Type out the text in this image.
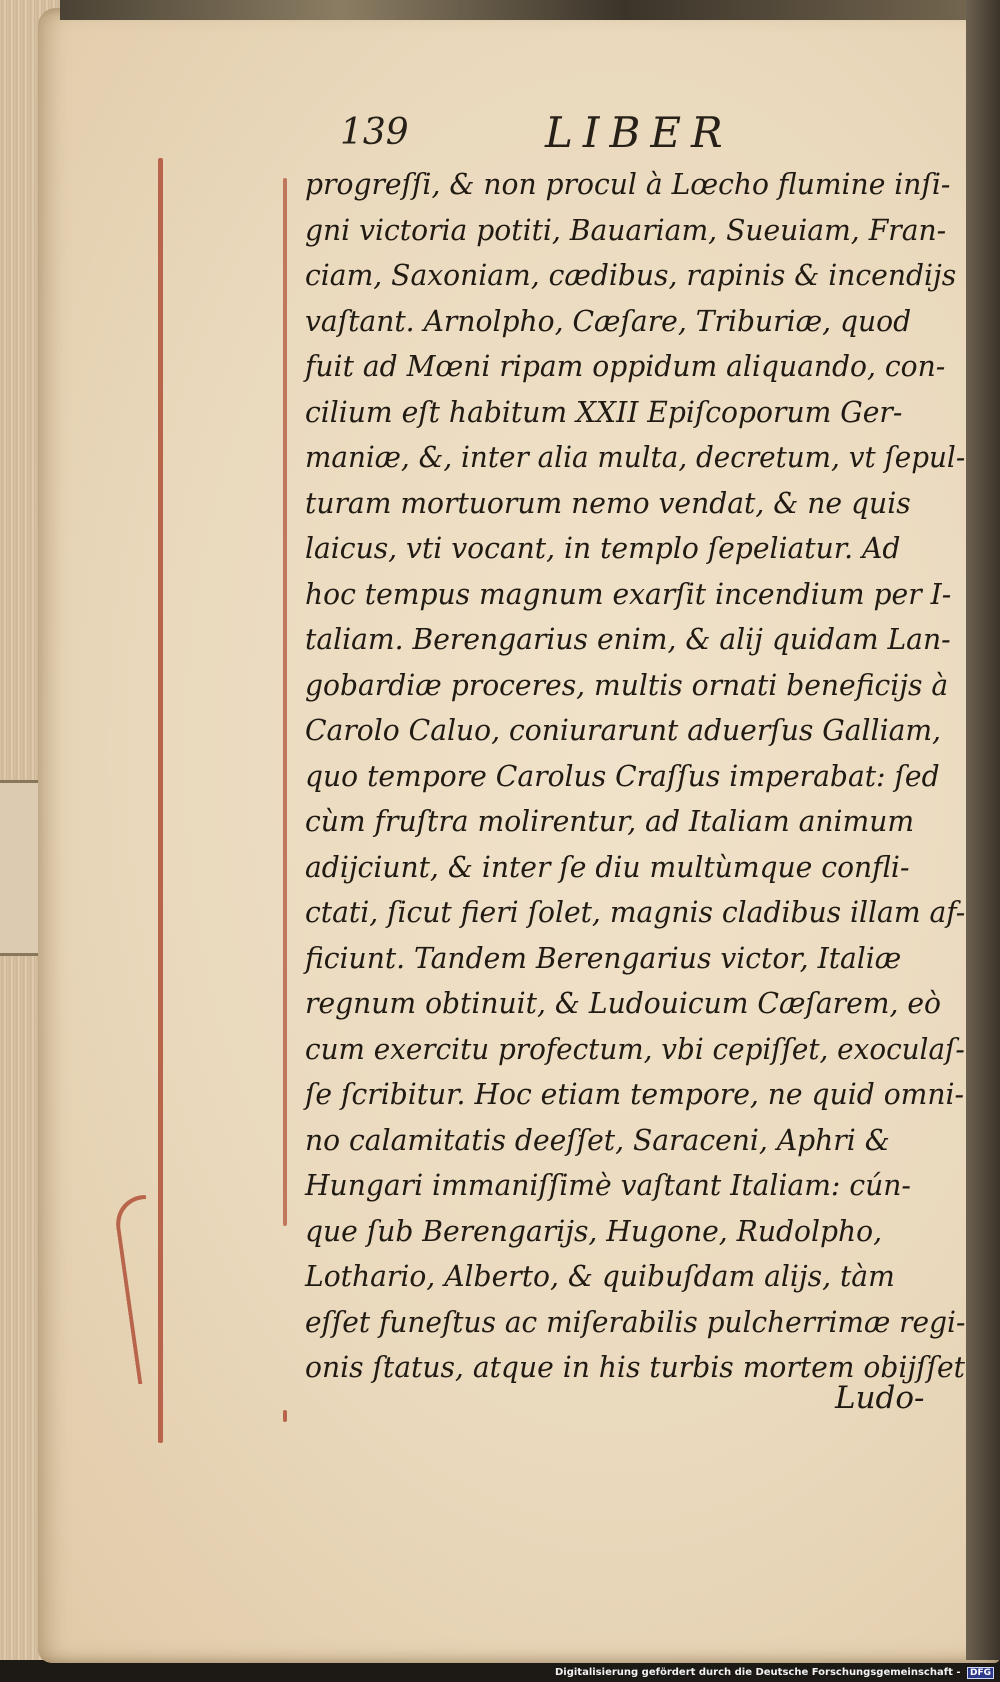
139	LIBER
progreſſi, & non procul à Lœcho flumine inſi-
gni victoria potiti, Bauariam, Sueuiam, Fran-
ciam, Saxoniam, cædibus, rapinis & incendijs
vaſtant. Arnolpho, Cæſare, Triburiæ, quod
fuit ad Mœni ripam oppidum aliquando, con-
cilium eſt habitum XXII Epiſcoporum Ger-
maniæ, &, inter alia multa, decretum, vt ſepul-
turam mortuorum nemo vendat, & ne quis
laicus, vti vocant, in templo ſepeliatur. Ad
hoc tempus magnum exarſit incendium per I-
taliam. Berengarius enim, & alij quidam Lan-
gobardiæ proceres, multis ornati beneficijs à
Carolo Caluo, coniurarunt aduerſus Galliam,
quo tempore Carolus Craſſus imperabat: ſed
cùm fruſtra molirentur, ad Italiam animum
adijciunt, & inter ſe diu multùmque confli-
ctati, ſicut fieri ſolet, magnis cladibus illam af-
ficiunt. Tandem Berengarius victor, Italiæ
regnum obtinuit, & Ludouicum Cæſarem, eò
cum exercitu profectum, vbi cepiſſet, exoculaſ-
ſe ſcribitur. Hoc etiam tempore, ne quid omni-
no calamitatis deeſſet, Saraceni, Aphri &
Hungari immaniſſimè vaſtant Italiam: cún-
que ſub Berengarijs, Hugone, Rudolpho,
Lothario, Alberto, & quibuſdam alijs, tàm
eſſet funeſtus ac miſerabilis pulcherrimæ regi-
onis ſtatus, atque in his turbis mortem obijſſet
Ludo-
Digitalisierung gefördert durch die Deutsche Forschungsgemeinschaft - DFG
